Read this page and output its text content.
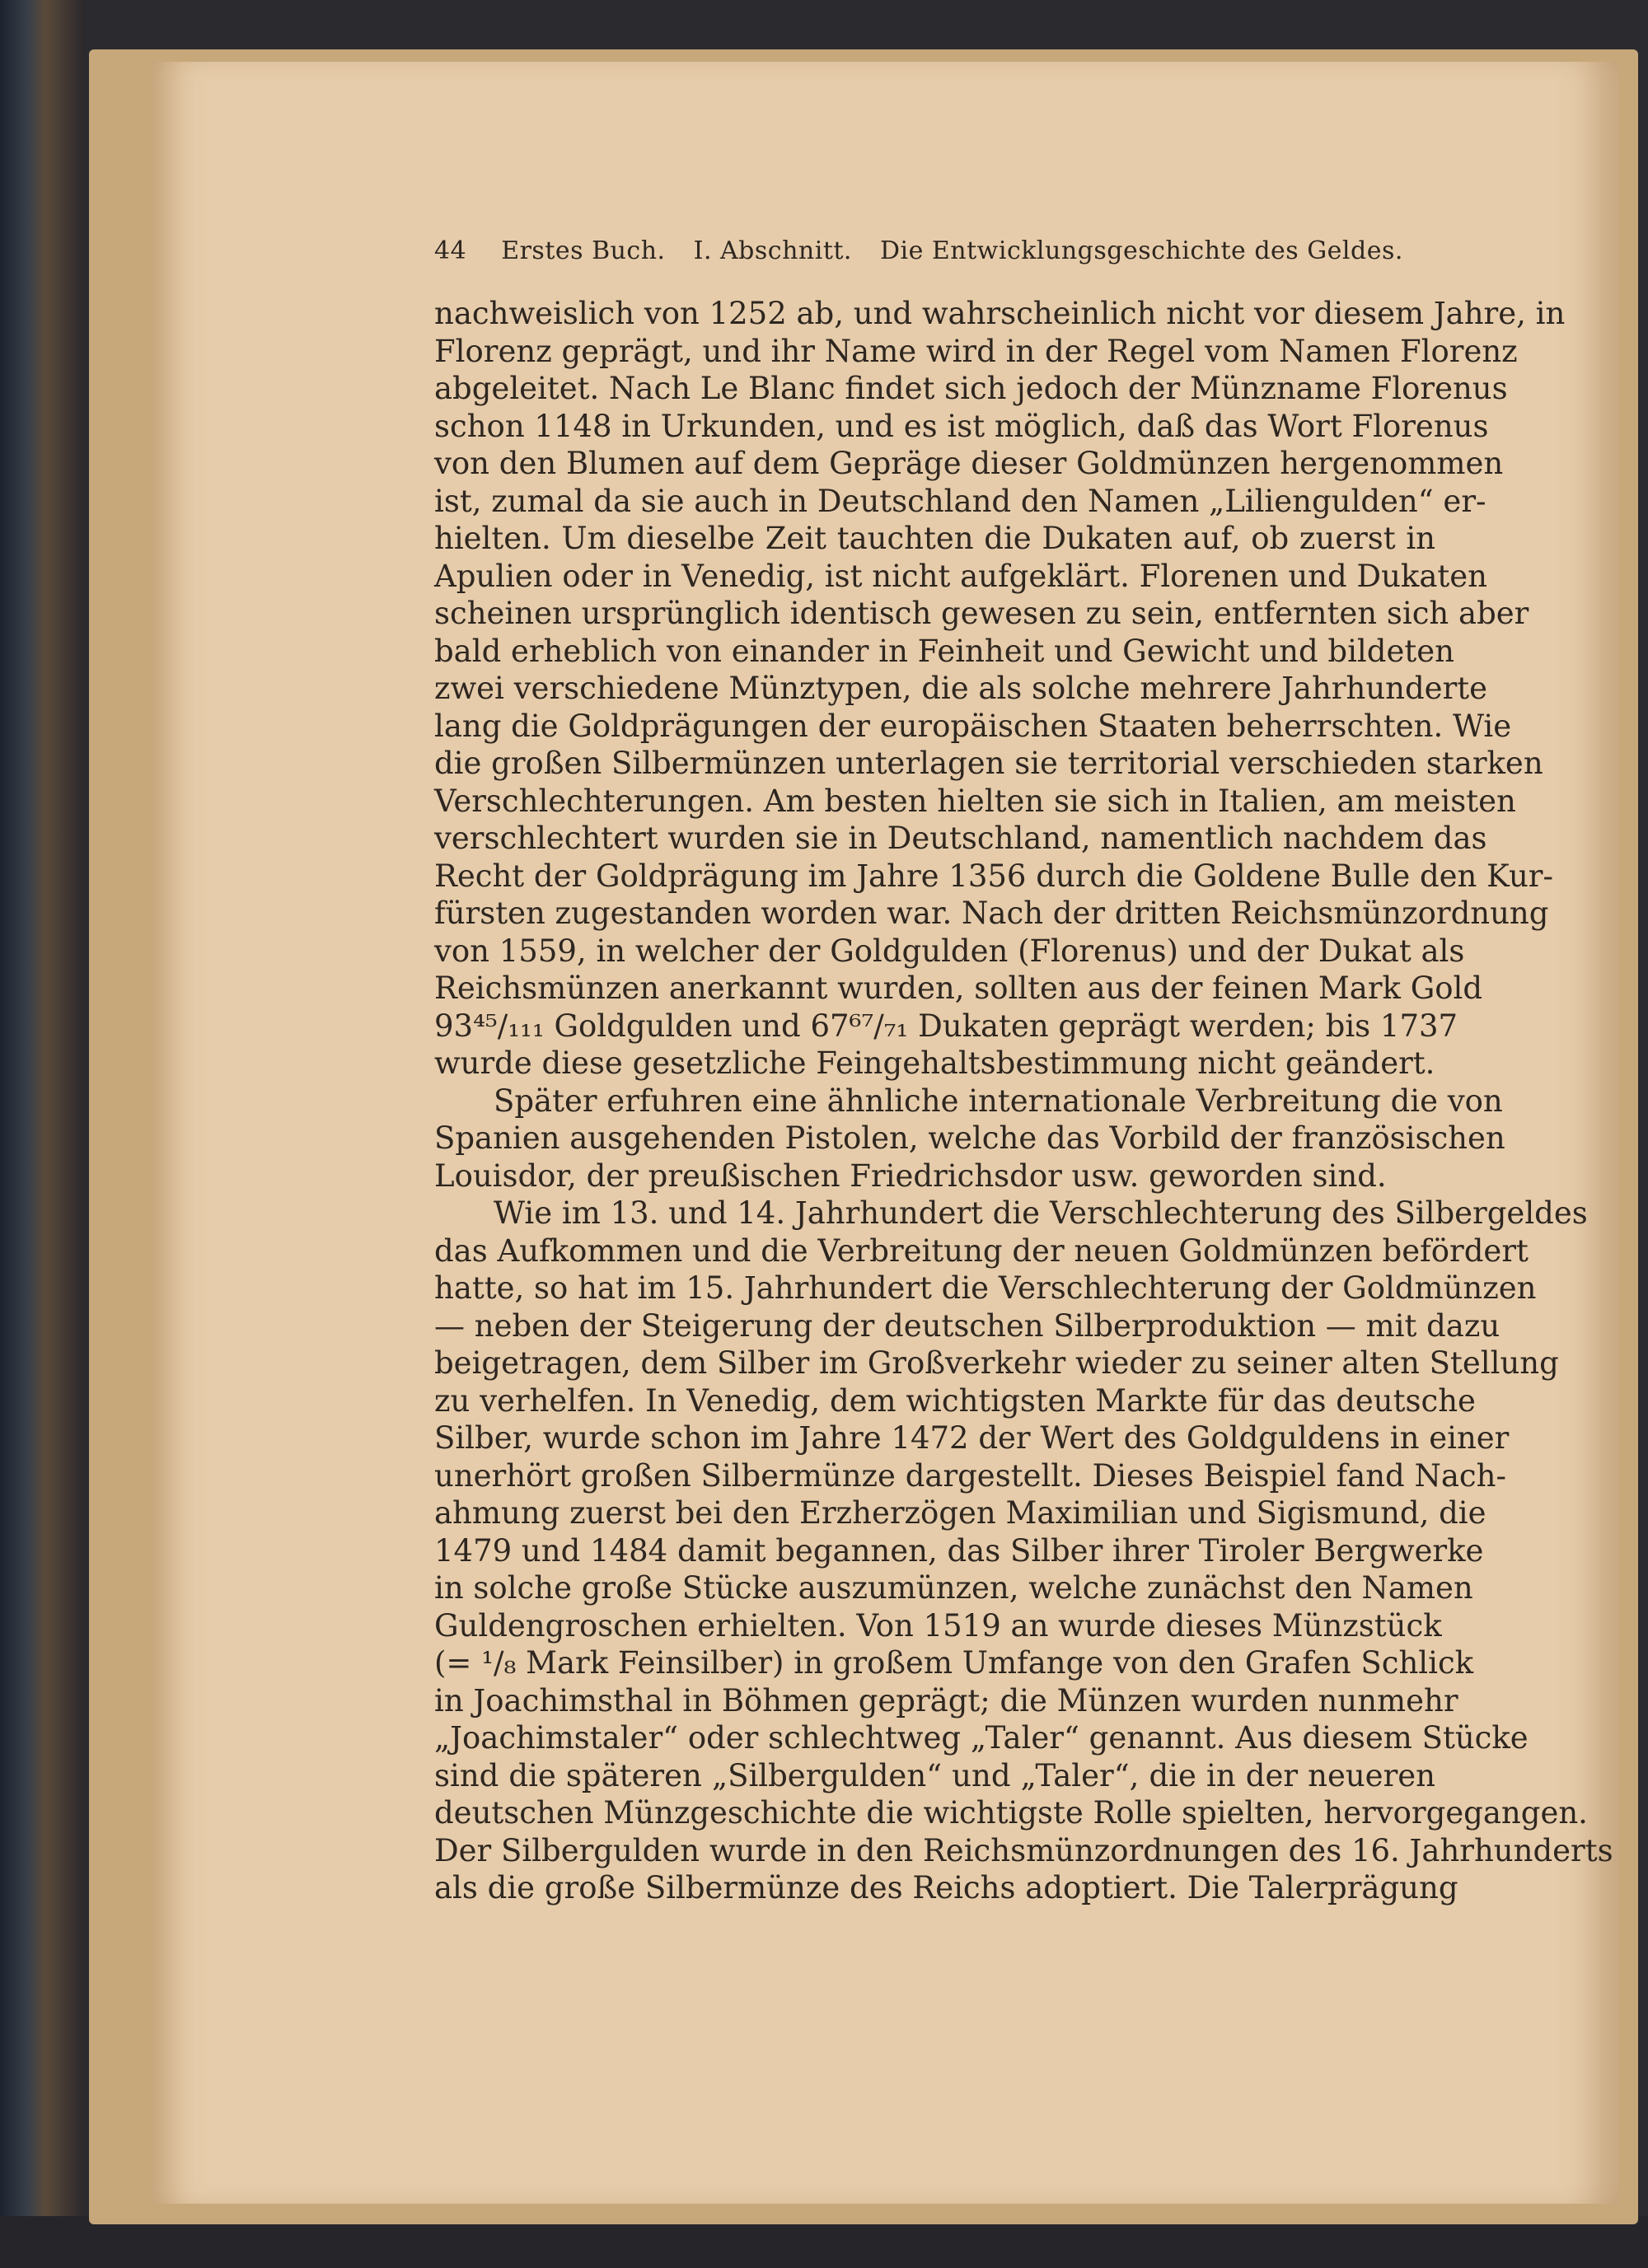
44 Erstes Buch. I. Abschnitt. Die Entwicklungsgeschichte des Geldes.
nachweislich von 1252 ab, und wahrscheinlich nicht vor diesem Jahre, in
Florenz geprägt, und ihr Name wird in der Regel vom Namen Florenz
abgeleitet. Nach Le Blanc findet sich jedoch der Münzname Florenus
schon 1148 in Urkunden, und es ist möglich, daß das Wort Florenus
von den Blumen auf dem Gepräge dieser Goldmünzen hergenommen
ist, zumal da sie auch in Deutschland den Namen „Liliengulden“ er-
hielten. Um dieselbe Zeit tauchten die Dukaten auf, ob zuerst in
Apulien oder in Venedig, ist nicht aufgeklärt. Florenen und Dukaten
scheinen ursprünglich identisch gewesen zu sein, entfernten sich aber
bald erheblich von einander in Feinheit und Gewicht und bildeten
zwei verschiedene Münztypen, die als solche mehrere Jahrhunderte
lang die Goldprägungen der europäischen Staaten beherrschten. Wie
die großen Silbermünzen unterlagen sie territorial verschieden starken
Verschlechterungen. Am besten hielten sie sich in Italien, am meisten
verschlechtert wurden sie in Deutschland, namentlich nachdem das
Recht der Goldprägung im Jahre 1356 durch die Goldene Bulle den Kur-
fürsten zugestanden worden war. Nach der dritten Reichsmünzordnung
von 1559, in welcher der Goldgulden (Florenus) und der Dukat als
Reichsmünzen anerkannt wurden, sollten aus der feinen Mark Gold
93⁴⁵/₁₁₁ Goldgulden und 67⁶⁷/₇₁ Dukaten geprägt werden; bis 1737
wurde diese gesetzliche Feingehaltsbestimmung nicht geändert.
Später erfuhren eine ähnliche internationale Verbreitung die von
Spanien ausgehenden Pistolen, welche das Vorbild der französischen
Louisdor, der preußischen Friedrichsdor usw. geworden sind.
Wie im 13. und 14. Jahrhundert die Verschlechterung des Silbergeldes
das Aufkommen und die Verbreitung der neuen Goldmünzen befördert
hatte, so hat im 15. Jahrhundert die Verschlechterung der Goldmünzen
— neben der Steigerung der deutschen Silberproduktion — mit dazu
beigetragen, dem Silber im Großverkehr wieder zu seiner alten Stellung
zu verhelfen. In Venedig, dem wichtigsten Markte für das deutsche
Silber, wurde schon im Jahre 1472 der Wert des Goldguldens in einer
unerhört großen Silbermünze dargestellt. Dieses Beispiel fand Nach-
ahmung zuerst bei den Erzherzögen Maximilian und Sigismund, die
1479 und 1484 damit begannen, das Silber ihrer Tiroler Bergwerke
in solche große Stücke auszumünzen, welche zunächst den Namen
Guldengroschen erhielten. Von 1519 an wurde dieses Münzstück
(= ¹/₈ Mark Feinsilber) in großem Umfange von den Grafen Schlick
in Joachimsthal in Böhmen geprägt; die Münzen wurden nunmehr
„Joachimstaler“ oder schlechtweg „Taler“ genannt. Aus diesem Stücke
sind die späteren „Silbergulden“ und „Taler“, die in der neueren
deutschen Münzgeschichte die wichtigste Rolle spielten, hervorgegangen.
Der Silbergulden wurde in den Reichsmünzordnungen des 16. Jahrhunderts
als die große Silbermünze des Reichs adoptiert. Die Talerprägung
